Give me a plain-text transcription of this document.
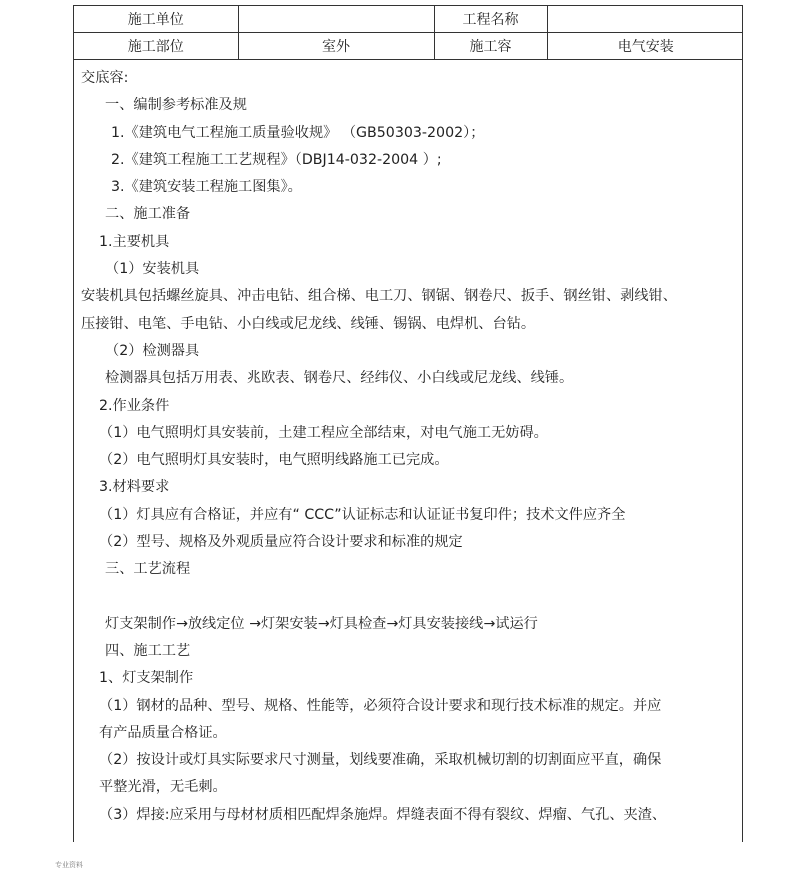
施工单位		工程名称	
施工部位	室外	施工容	电气安装
交底容:
一、编制参考标准及规
1.《建筑电气工程施工质量验收规》 （GB50303-2002）；
2.《建筑工程施工工艺规程》（DBJ14-032-2004 ）;
3.《建筑安装工程施工图集》。
二、施工准备
1.主要机具
（1）安装机具
安装机具包括螺丝旋具、冲击电钻、组合梯、电工刀、钢锯、钢卷尺、扳手、钢丝钳、剥线钳、
压接钳、电笔、手电钻、小白线或尼龙线、线锤、锡锅、电焊机、台钻。
（2）检测器具
检测器具包括万用表、兆欧表、钢卷尺、经纬仪、小白线或尼龙线、线锤。
2.作业条件
（1）电气照明灯具安装前，土建工程应全部结束，对电气施工无妨碍。
（2）电气照明灯具安装时，电气照明线路施工已完成。
3.材料要求
（1）灯具应有合格证，并应有“ CCC”认证标志和认证证书复印件；技术文件应齐全
（2）型号、规格及外观质量应符合设计要求和标准的规定
三、工艺流程
灯支架制作→放线定位 →灯架安装→灯具检查→灯具安装接线→试运行
四、施工工艺
1、灯支架制作
（1）钢材的品种、型号、规格、性能等，必须符合设计要求和现行技术标准的规定。并应
有产品质量合格证。
（2）按设计或灯具实际要求尺寸测量，划线要准确，采取机械切割的切割面应平直，确保
平整光滑，无毛刺。
（3）焊接:应采用与母材材质相匹配焊条施焊。焊缝表面不得有裂纹、焊瘤、气孔、夹渣、
专业资料
